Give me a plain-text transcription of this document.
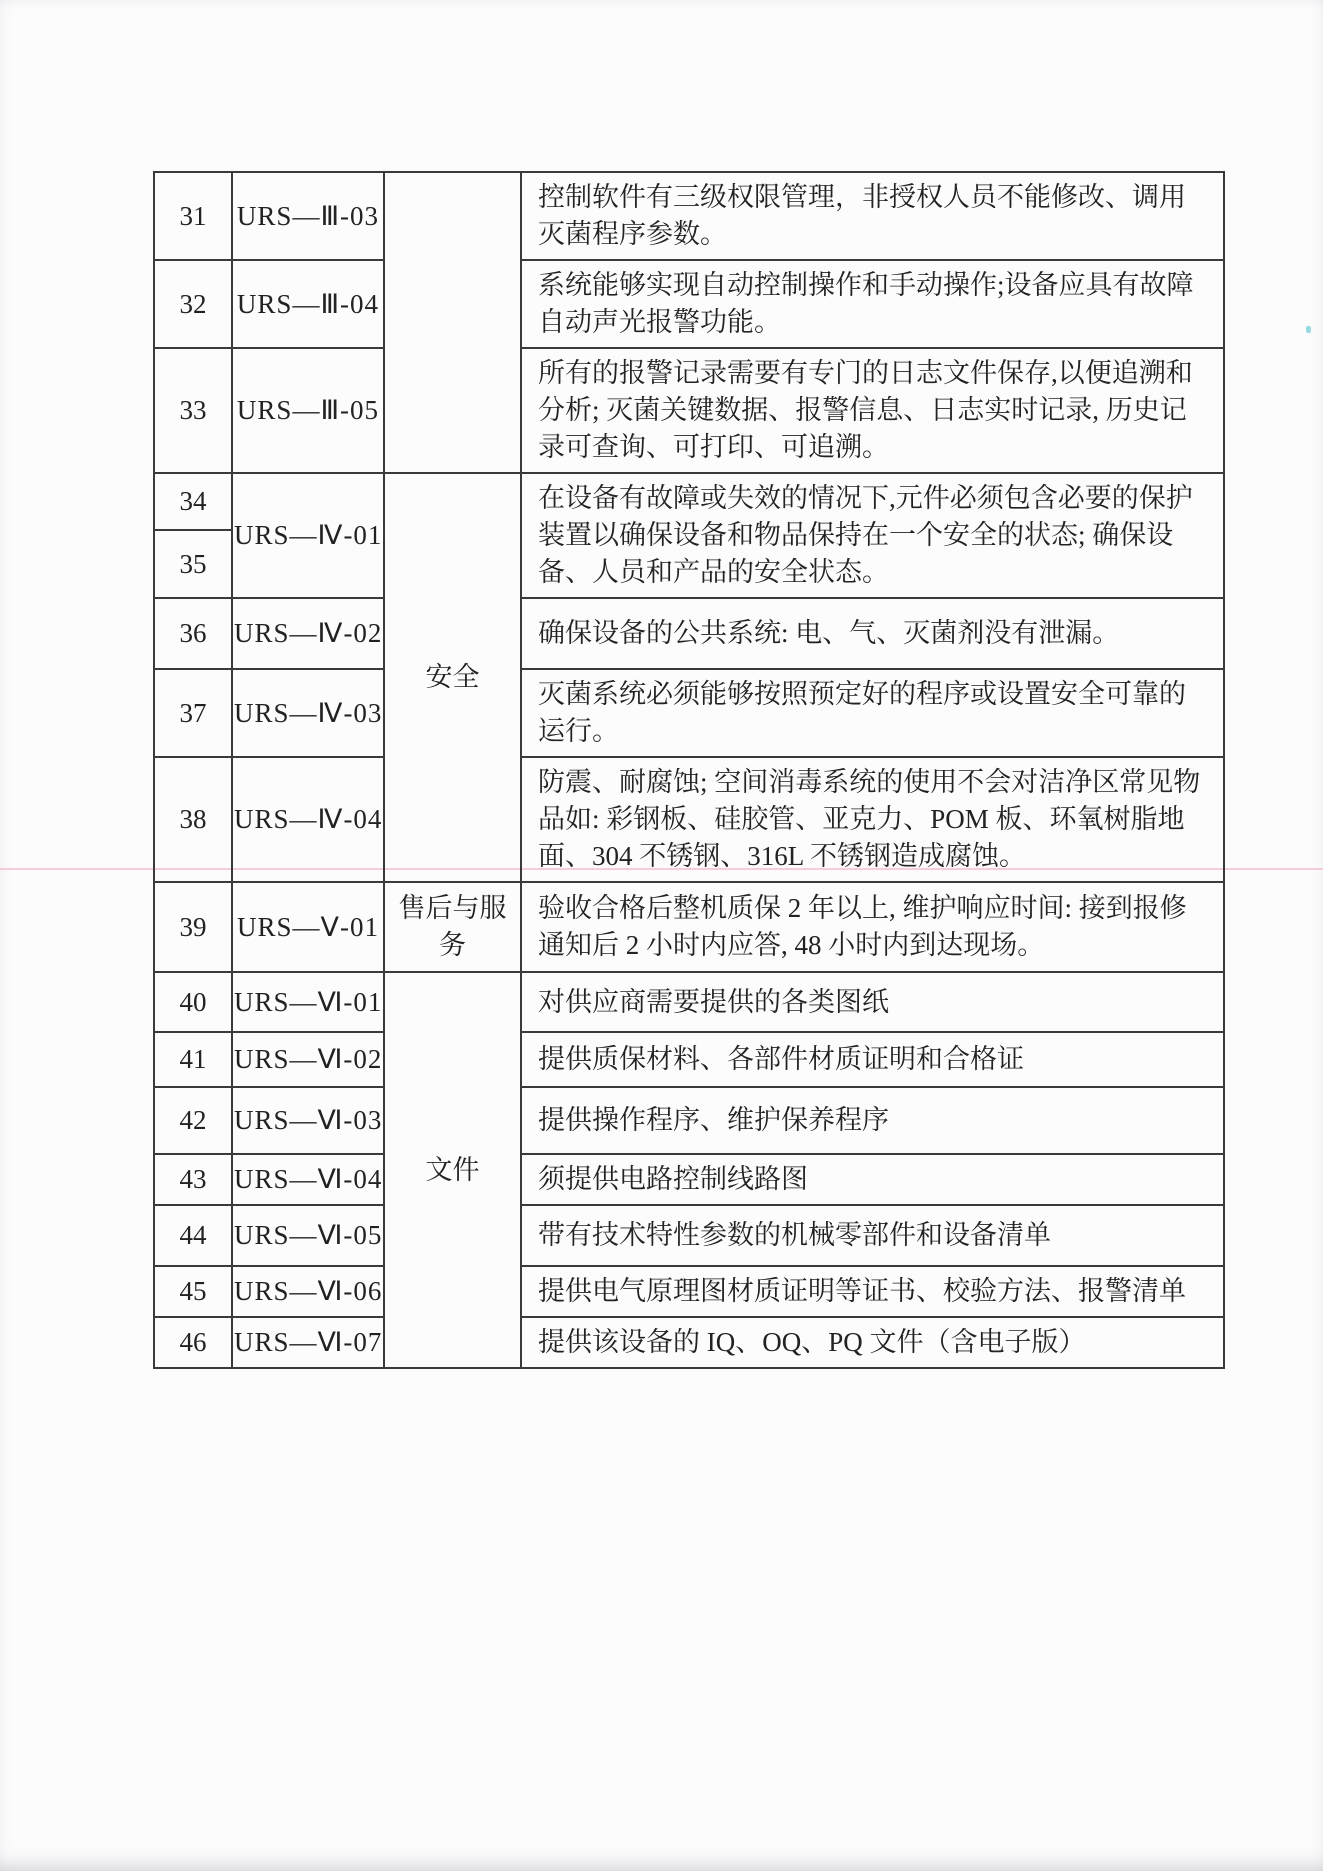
31	URS—Ⅲ-03		控制软件有三级权限管理，非授权人员不能修改、调用灭菌程序参数。
32	URS—Ⅲ-04		系统能够实现自动控制操作和手动操作;设备应具有故障自动声光报警功能。
33	URS—Ⅲ-05		所有的报警记录需要有专门的日志文件保存,以便追溯和分析; 灭菌关键数据、报警信息、日志实时记录, 历史记录可查询、可打印、可追溯。
34	URS—Ⅳ-01	安全	在设备有故障或失效的情况下,元件必须包含必要的保护装置以确保设备和物品保持在一个安全的状态; 确保设备、人员和产品的安全状态。
35			
36	URS—Ⅳ-02		确保设备的公共系统: 电、气、灭菌剂没有泄漏。
37	URS—Ⅳ-03		灭菌系统必须能够按照预定好的程序或设置安全可靠的运行。
38	URS—Ⅳ-04		防震、耐腐蚀; 空间消毒系统的使用不会对洁净区常见物品如: 彩钢板、硅胶管、亚克力、POM 板、环氧树脂地面、304 不锈钢、316L 不锈钢造成腐蚀。
39	URS—Ⅴ-01	售后与服务	验收合格后整机质保 2 年以上, 维护响应时间: 接到报修通知后 2 小时内应答, 48 小时内到达现场。
40	URS—Ⅵ-01	文件	对供应商需要提供的各类图纸
41	URS—Ⅵ-02		提供质保材料、各部件材质证明和合格证
42	URS—Ⅵ-03		提供操作程序、维护保养程序
43	URS—Ⅵ-04		须提供电路控制线路图
44	URS—Ⅵ-05		带有技术特性参数的机械零部件和设备清单
45	URS—Ⅵ-06		提供电气原理图材质证明等证书、校验方法、报警清单
46	URS—Ⅵ-07		提供该设备的 IQ、OQ、PQ 文件（含电子版）
